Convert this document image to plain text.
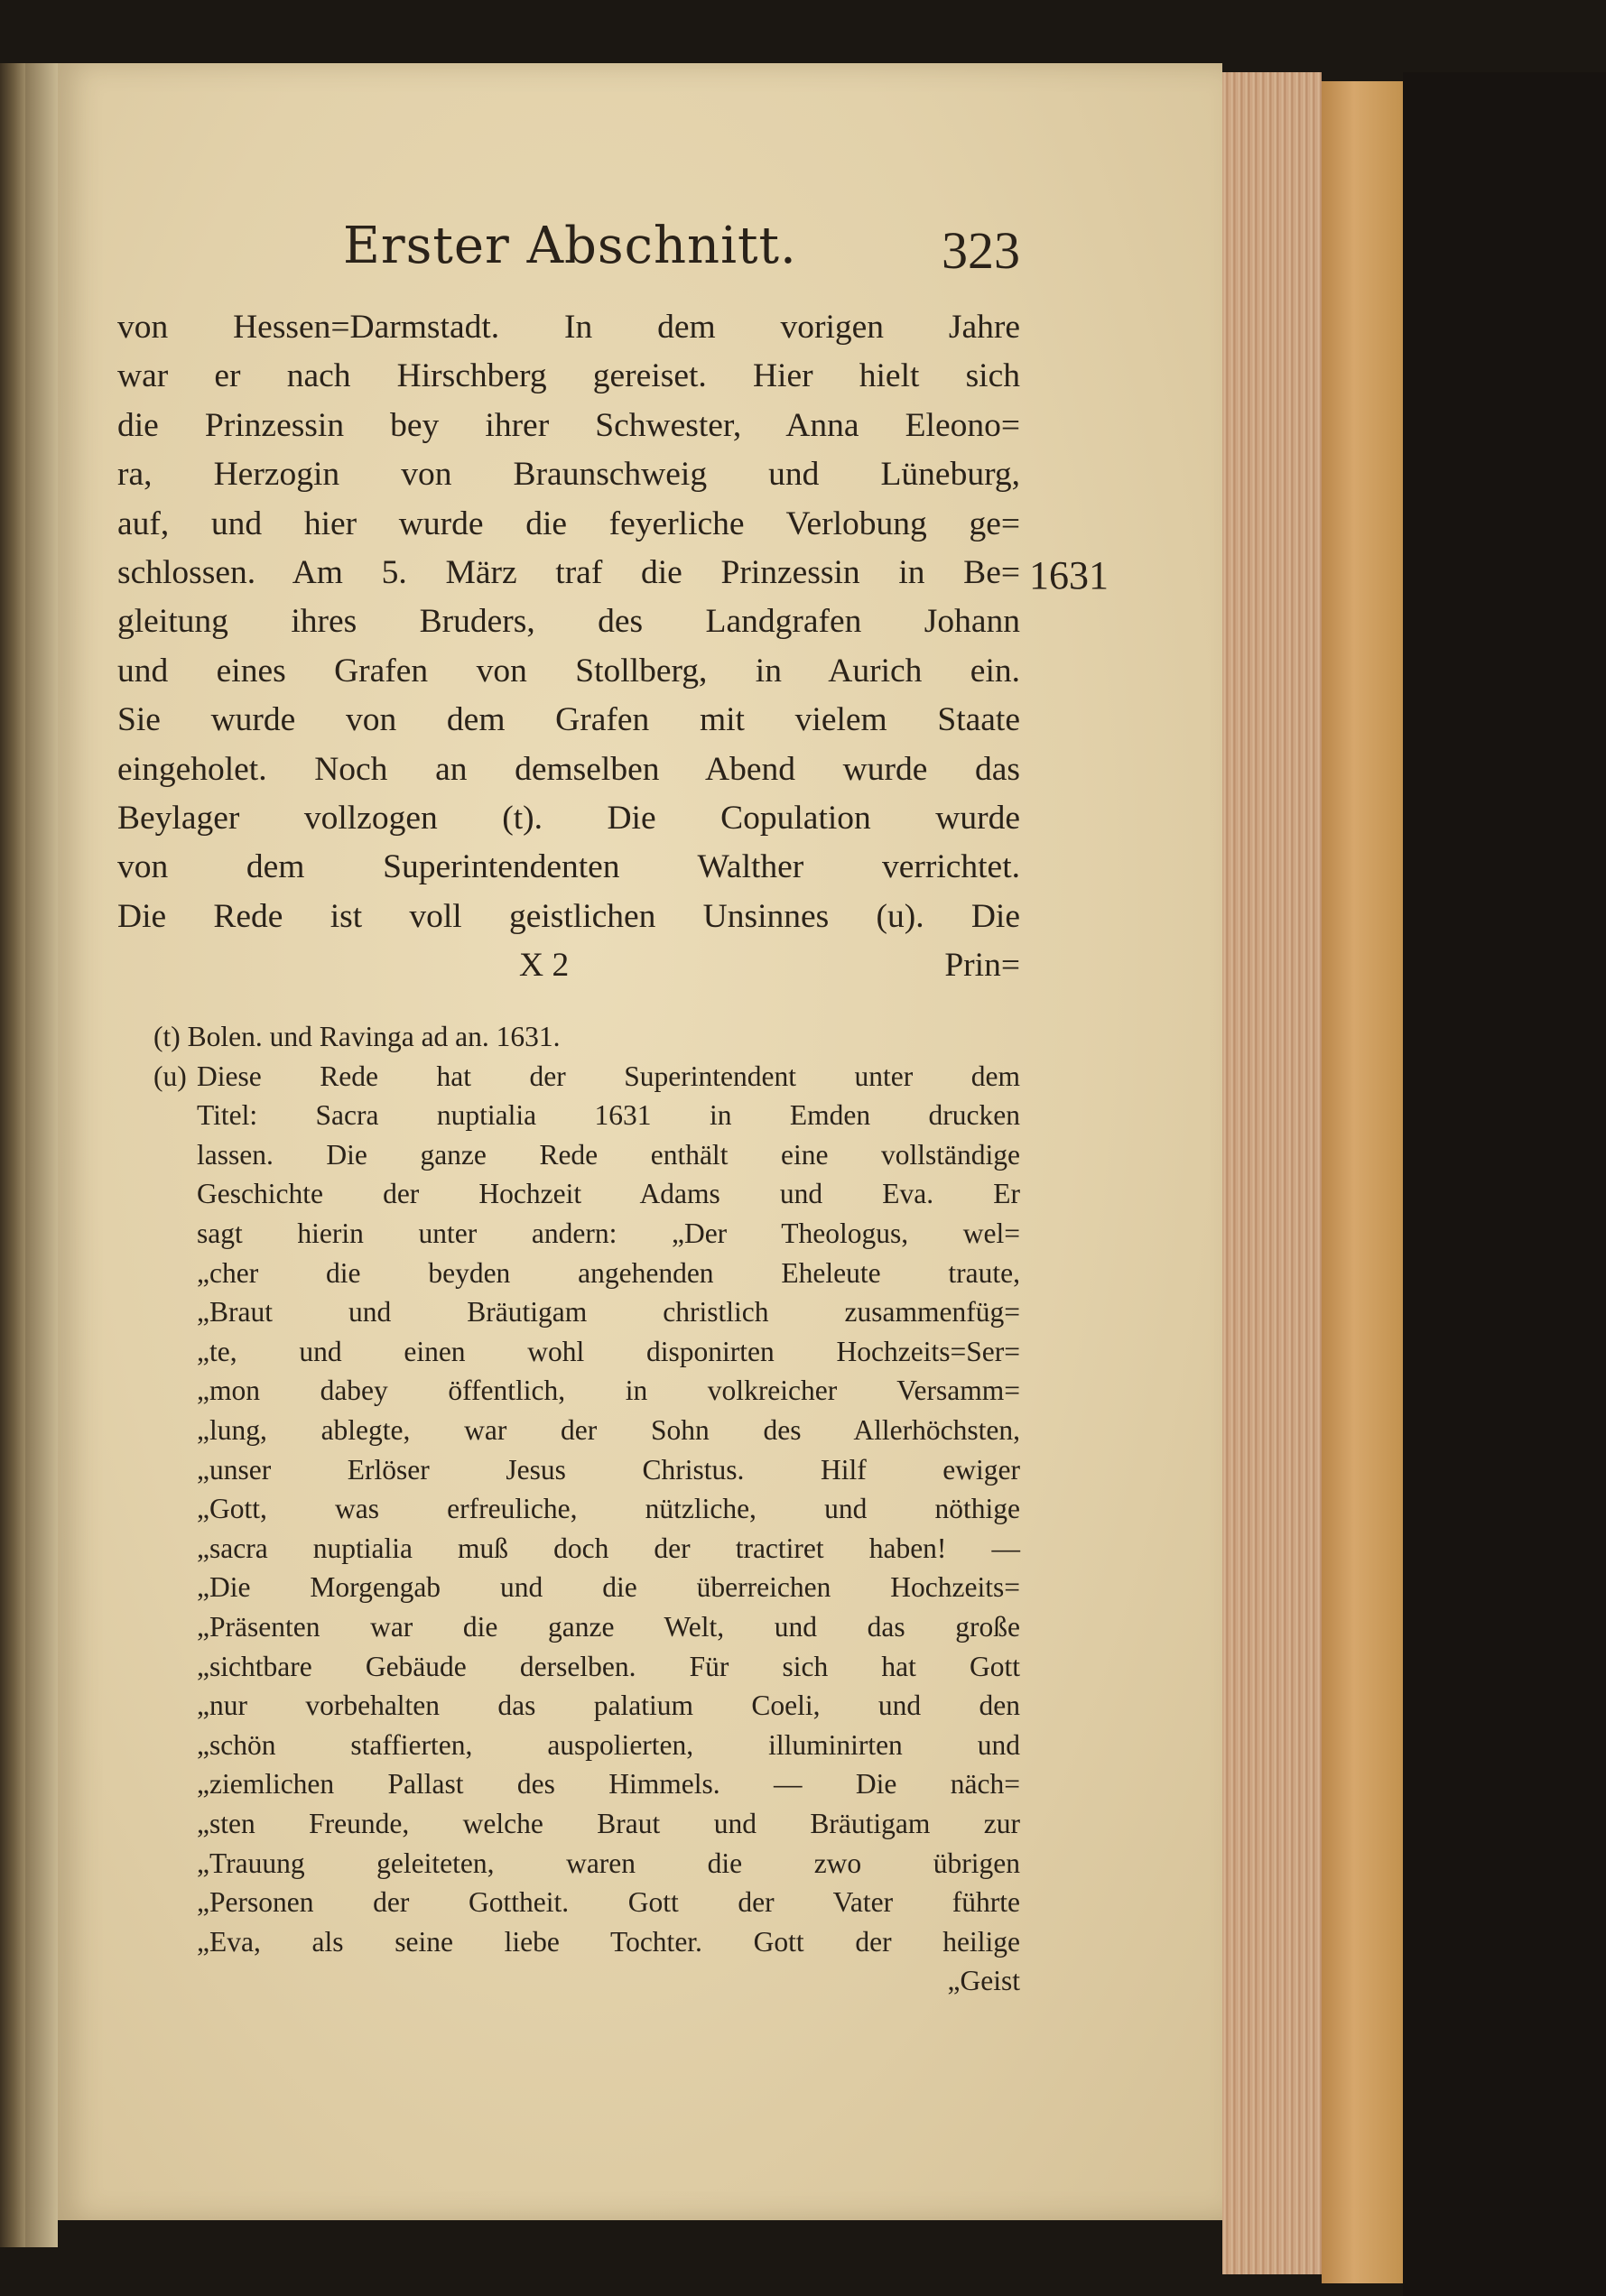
Erster Abschnitt.	323
von Hessen=Darmstadt. In dem vorigen Jahre
war er nach Hirschberg gereiset. Hier hielt sich
die Prinzessin bey ihrer Schwester, Anna Eleono=
ra, Herzogin von Braunschweig und Lüneburg,
auf, und hier wurde die feyerliche Verlobung ge=
schlossen. Am 5. März traf die Prinzessin in Be=
gleitung ihres Bruders, des Landgrafen Johann
und eines Grafen von Stollberg, in Aurich ein.
Sie wurde von dem Grafen mit vielem Staate
eingeholet. Noch an demselben Abend wurde das
Beylager vollzogen (t). Die Copulation wurde
von dem Superintendenten Walther verrichtet.
Die Rede ist voll geistlichen Unsinnes (u). Die
X 2	Prin=
(t) Bolen. und Ravinga ad an. 1631.
(u) Diese Rede hat der Superintendent unter dem
Titel: Sacra nuptialia 1631 in Emden drucken
lassen. Die ganze Rede enthält eine vollständige
Geschichte der Hochzeit Adams und Eva. Er
sagt hierin unter andern: „Der Theologus, wel=
„cher die beyden angehenden Eheleute traute,
„Braut und Bräutigam christlich zusammenfüg=
„te, und einen wohl disponirten Hochzeits=Ser=
„mon dabey öffentlich, in volkreicher Versamm=
„lung, ablegte, war der Sohn des Allerhöchsten,
„unser Erlöser Jesus Christus. Hilf ewiger
„Gott, was erfreuliche, nützliche, und nöthige
„sacra nuptialia muß doch der tractiret haben! —
„Die Morgengab und die überreichen Hochzeits=
„Präsenten war die ganze Welt, und das große
„sichtbare Gebäude derselben. Für sich hat Gott
„nur vorbehalten das palatium Coeli, und den
„schön staffierten, auspolierten, illuminirten und
„ziemlichen Pallast des Himmels. — Die näch=
„sten Freunde, welche Braut und Bräutigam zur
„Trauung geleiteten, waren die zwo übrigen
„Personen der Gottheit. Gott der Vater führte
„Eva, als seine liebe Tochter. Gott der heilige
„Geist
1631
